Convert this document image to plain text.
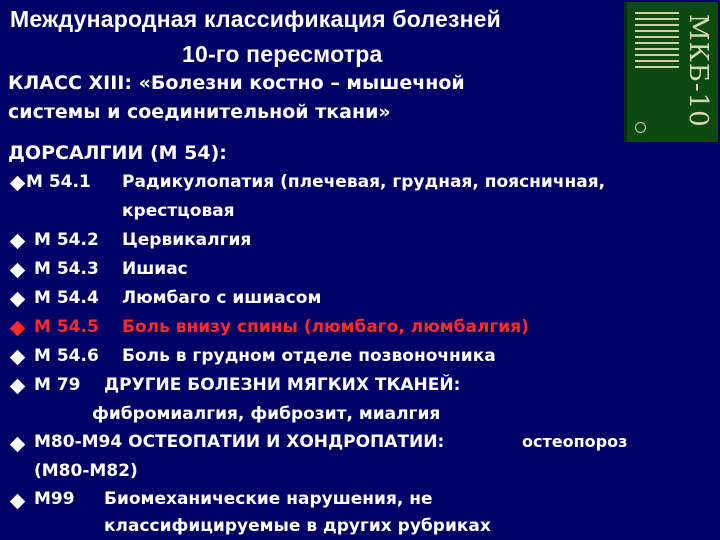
Международная классификация болезней
10-го пересмотра	МКБ-10
КЛАСС XIII: «Болезни костно – мышечной
системы и соединительной ткани»
ДОРСАЛГИИ (М 54):
М 54.1 Радикулопатия (плечевая, грудная, поясничная,
крестцовая
М 54.2 Цервикалгия
М 54.3 Ишиас
М 54.4 Люмбаго с ишиасом
М 54.5 Боль внизу спины (люмбаго, люмбалгия)
М 54.6 Боль в грудном отделе позвоночника
М 79 ДРУГИЕ БОЛЕЗНИ МЯГКИХ ТКАНЕЙ:
фибромиалгия, фиброзит, миалгия
М80-М94 ОСТЕОПАТИИ И ХОНДРОПАТИИ:	остеопороз
(М80-М82)
М99 Биомеханические нарушения, не
классифицируемые в других рубриках
